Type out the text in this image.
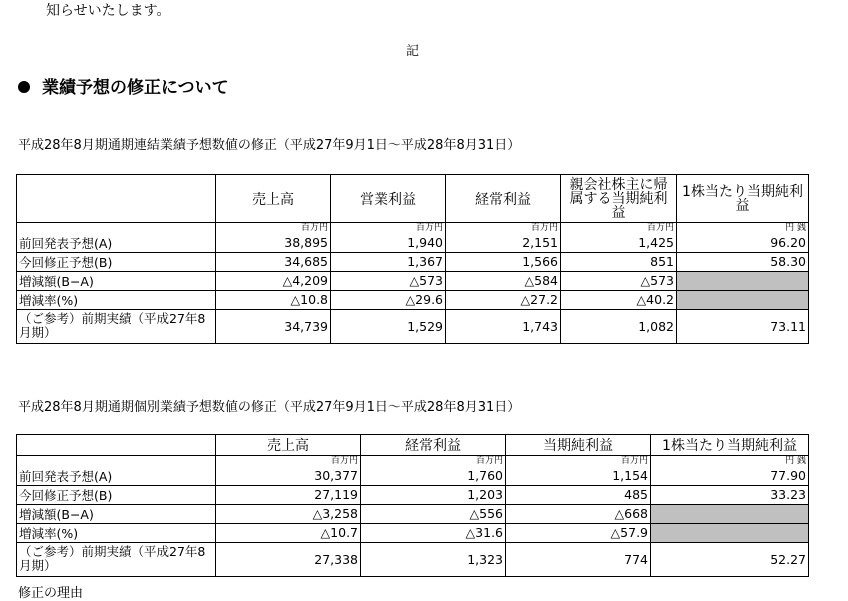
知らせいたします。
記
業績予想の修正について
平成28年8月期通期連結業績予想数値の修正（平成27年9月1日～平成28年8月31日）
	売上高	営業利益	経常利益	親会社株主に帰属する当期純利益	1株当たり当期純利益
	百万円	百万円	百万円	百万円	円 銭
前回発表予想(A)	38,895	1,940	2,151	1,425	96.20
今回修正予想(B)	34,685	1,367	1,566	851	58.30
増減額(B−A)	△4,209	△573	△584	△573	
増減率(%)	△10.8	△29.6	△27.2	△40.2	
（ご参考）前期実績（平成27年8月期）	34,739	1,529	1,743	1,082	73.11
平成28年8月期通期個別業績予想数値の修正（平成27年9月1日～平成28年8月31日）
	売上高	経常利益	当期純利益	1株当たり当期純利益
	百万円	百万円	百万円	円 銭
前回発表予想(A)	30,377	1,760	1,154	77.90
今回修正予想(B)	27,119	1,203	485	33.23
増減額(B−A)	△3,258	△556	△668	
増減率(%)	△10.7	△31.6	△57.9	
（ご参考）前期実績（平成27年8月期）	27,338	1,323	774	52.27
修正の理由
